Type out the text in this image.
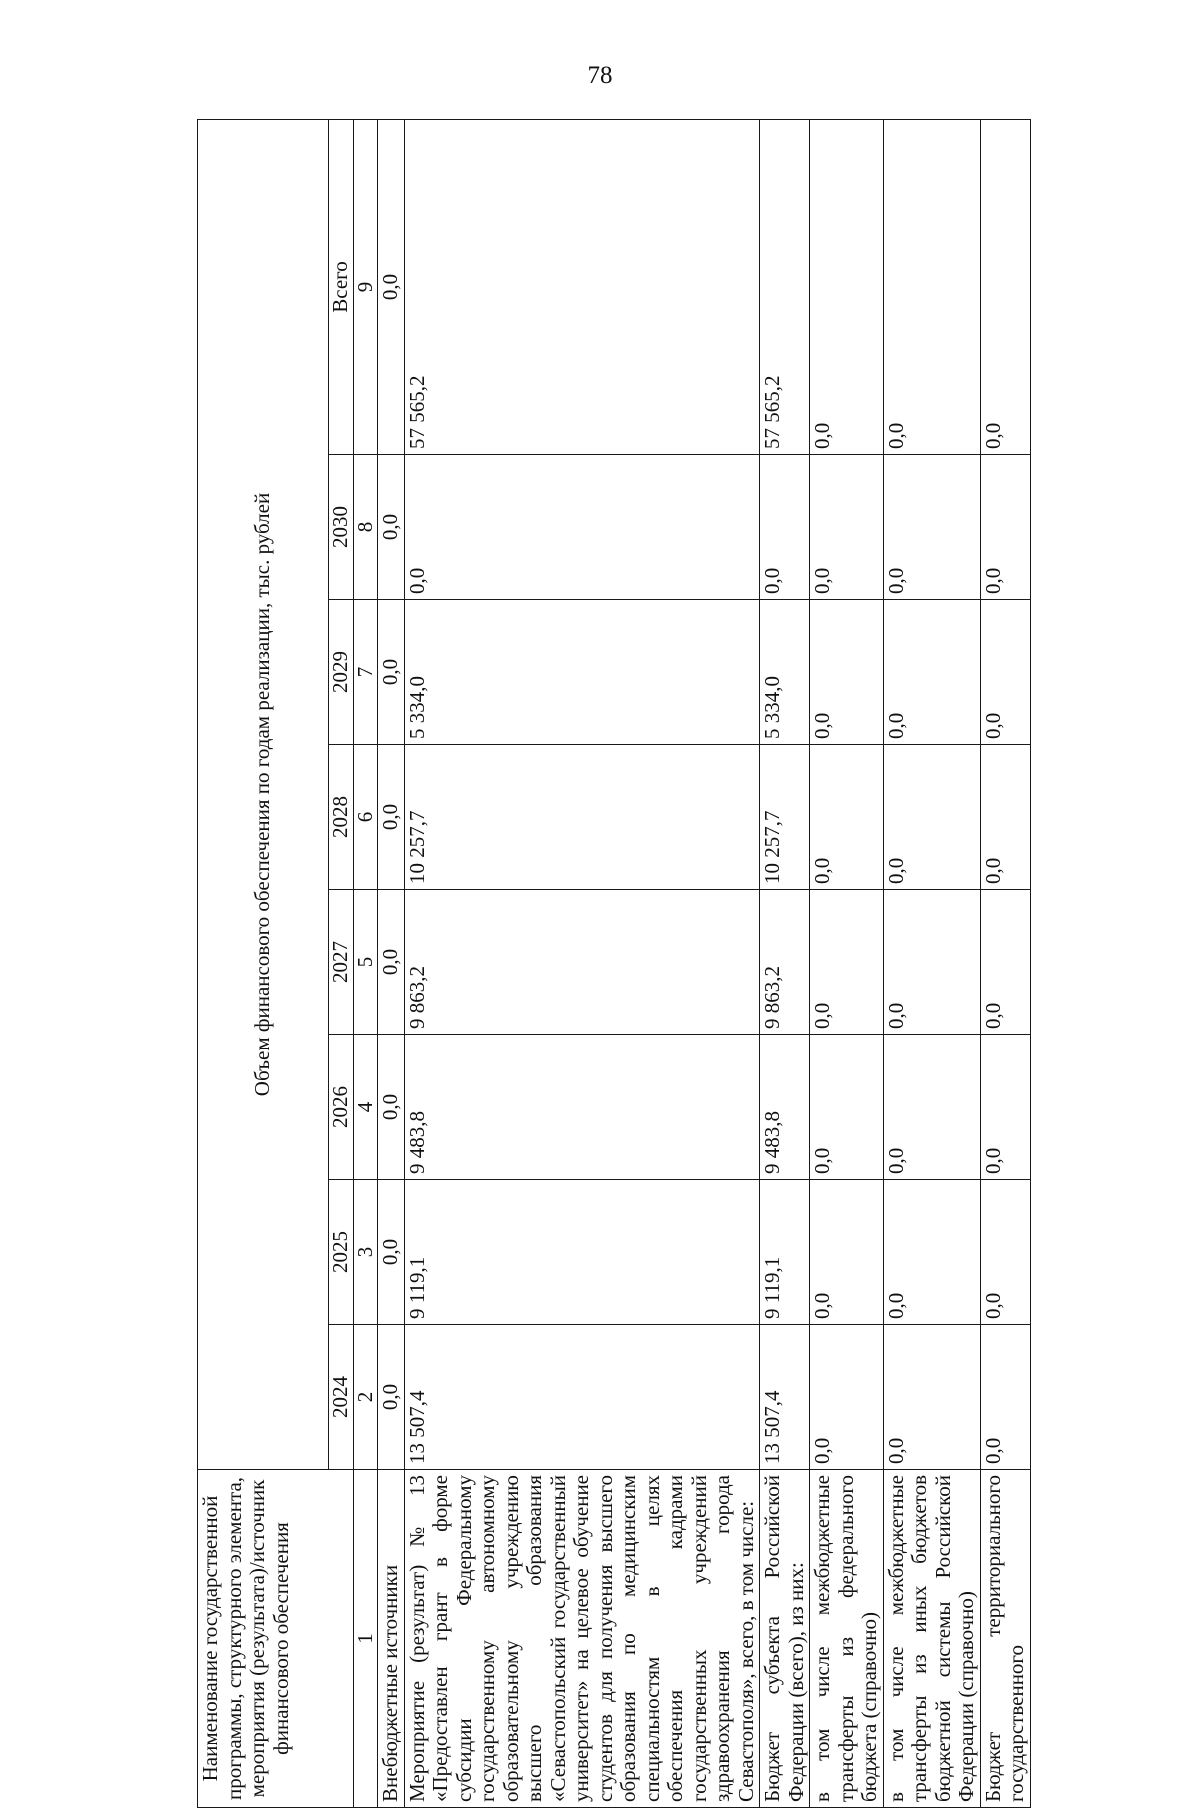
78
Наименование государственной программы, структурного элемента, мероприятия (результата)/источник финансового обеспечения	Объем финансового обеспечения по годам реализации, тыс. рублей							
	2024	2025	2026	2027	2028	2029	2030	Всего
1	2	3	4	5	6	7	8	9
Внебюджетные источники	0,0	0,0	0,0	0,0	0,0	0,0	0,0	0,0
Мероприятие (результат) № 13 «Предоставлен грант в форме субсидии Федеральному государственному автономному образовательному учреждению высшего образования «Севастопольский государственный университет» на целевое обучение студентов для получения высшего образования по медицинским специальностям в целях обеспечения кадрами государственных учреждений здравоохранения города Севастополя», всего, в том числе:	13 507,4	9 119,1	9 483,8	9 863,2	10 257,7	5 334,0	0,0	57 565,2
Бюджет субъекта Российской Федерации (всего), из них:	13 507,4	9 119,1	9 483,8	9 863,2	10 257,7	5 334,0	0,0	57 565,2
в том числе межбюджетные трансферты из федерального бюджета (справочно)	0,0	0,0	0,0	0,0	0,0	0,0	0,0	0,0
в том числе межбюджетные трансферты из иных бюджетов бюджетной системы Российской Федерации (справочно)	0,0	0,0	0,0	0,0	0,0	0,0	0,0	0,0
Бюджет территориального государственного	0,0	0,0	0,0	0,0	0,0	0,0	0,0	0,0
